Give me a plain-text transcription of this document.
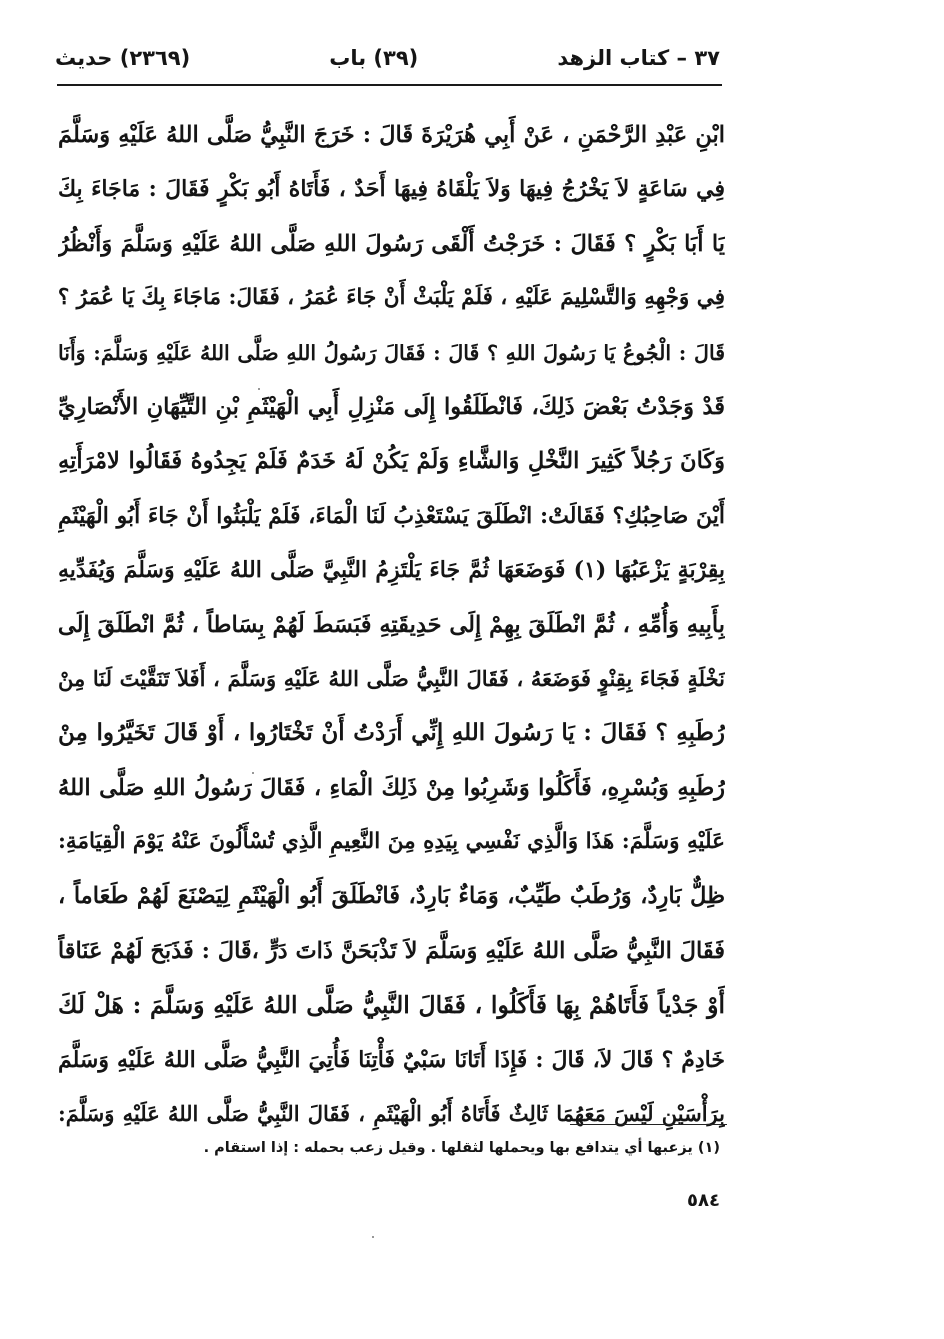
٣٧ – كتاب الزهد
(٣٩) باب
(٢٣٦٩) حديث
ابْنِ عَبْدِ الرَّحْمَنِ ، عَنْ أَبِي هُرَيْرَةَ قَالَ : خَرَجَ النَّبِيُّ صَلَّى اللهُ عَلَيْهِ وَسَلَّمَ
فِي سَاعَةٍ لاَ يَخْرُجُ فِيهَا وَلاَ يَلْقَاهُ فِيهَا أَحَدٌ ، فَأَتَاهُ أَبُو بَكْرٍ فَقَالَ : مَاجَاءَ بِكَ
يَا أَبَا بَكْرٍ ؟ فَقَالَ : خَرَجْتُ أَلْقَى رَسُولَ اللهِ صَلَّى اللهُ عَلَيْهِ وَسَلَّمَ وَأَنْظُرُ
فِي وَجْهِهِ وَالتَّسْلِيمَ عَلَيْهِ ، فَلَمْ يَلْبَثْ أَنْ جَاءَ عُمَرُ ، فَقَالَ: مَاجَاءَ بِكَ يَا عُمَرُ ؟
قَالَ : الْجُوعُ يَا رَسُولَ اللهِ ؟ قَالَ : فَقَالَ رَسُولُ اللهِ صَلَّى اللهُ عَلَيْهِ وَسَلَّمَ: وَأَنَا
قَدْ وَجَدْتُ بَعْضَ ذَلِكَ، فَانْطَلَقُوا إِلَى مَنْزِلِ أَبِي الْهَيْثَمِ بْنِ التَّيِّهَانِ الأَنْصَارِيِّ
وَكَانَ رَجُلاً كَثِيرَ النَّخْلِ وَالشَّاءِ وَلَمْ يَكُنْ لَهُ خَدَمٌ فَلَمْ يَجِدُوهُ فَقَالُوا لامْرَأَتِهِ
أَيْنَ صَاحِبُكِ؟ فَقَالَتْ: انْطَلَقَ يَسْتَعْذِبُ لَنَا الْمَاءَ، فَلَمْ يَلْبَثُوا أَنْ جَاءَ أَبُو الْهَيْثَمِ
بِقِرْبَةٍ يَزْعَبُهَا (١) فَوَضَعَهَا ثُمَّ جَاءَ يَلْتَزِمُ النَّبِيَّ صَلَّى اللهُ عَلَيْهِ وَسَلَّمَ وَيُفَدِّيهِ
بِأَبِيهِ وَأُمِّهِ ، ثُمَّ انْطَلَقَ بِهِمْ إِلَى حَدِيقَتِهِ فَبَسَطَ لَهُمْ بِسَاطاً ، ثُمَّ انْطَلَقَ إِلَى
نَخْلَةٍ فَجَاءَ بِقِنْوٍ فَوَضَعَهُ ، فَقَالَ النَّبِيُّ صَلَّى اللهُ عَلَيْهِ وَسَلَّمَ ، أَفَلاَ تَنَقَّيْتَ لَنَا مِنْ
رُطَبِهِ ؟ فَقَالَ : يَا رَسُولَ اللهِ إِنِّي أَرَدْتُ أَنْ تَخْتَارُوا ، أَوْ قَالَ تَخَيَّرُوا مِنْ
رُطَبِهِ وَبُسْرِهِ، فَأَكَلُوا وَشَرِبُوا مِنْ ذَلِكَ الْمَاءِ ، فَقَالَ رَسُولُ اللهِ صَلَّى اللهُ
عَلَيْهِ وَسَلَّمَ: هَذَا وَالَّذِي نَفْسِي بِيَدِهِ مِنَ النَّعِيمِ الَّذِي تُسْأَلُونَ عَنْهُ يَوْمَ الْقِيَامَةِ:
ظِلٌّ بَارِدٌ، وَرُطَبٌ طَيِّبٌ، وَمَاءٌ بَارِدٌ، فَانْطَلَقَ أَبُو الْهَيْثَمِ لِيَصْنَعَ لَهُمْ طَعَاماً ،
فَقَالَ النَّبِيُّ صَلَّى اللهُ عَلَيْهِ وَسَلَّمَ لاَ تَذْبَحَنَّ ذَاتَ دَرٍّ ،قَالَ : فَذَبَحَ لَهُمْ عَنَاقاً
أَوْ جَدْياً فَأَتَاهُمْ بِهَا فَأَكَلُوا ، فَقَالَ النَّبِيُّ صَلَّى اللهُ عَلَيْهِ وَسَلَّمَ : هَلْ لَكَ
خَادِمٌ ؟ قَالَ لاَ، قَالَ : فَإِذَا أَتَانَا سَبْيٌ فَأْتِنَا فَأُتِيَ النَّبِيُّ صَلَّى اللهُ عَلَيْهِ وَسَلَّمَ
بِرَأْسَيْنِ لَيْسَ مَعَهُمَا ثَالِثٌ فَأَتَاهُ أَبُو الْهَيْثَمِ ، فَقَالَ النَّبِيُّ صَلَّى اللهُ عَلَيْهِ وَسَلَّمَ:
(١) يزعبها أي يتدافع بها ويحملها لثقلها . وقيل زعب بحمله : إذا استقام .
٥٨٤
